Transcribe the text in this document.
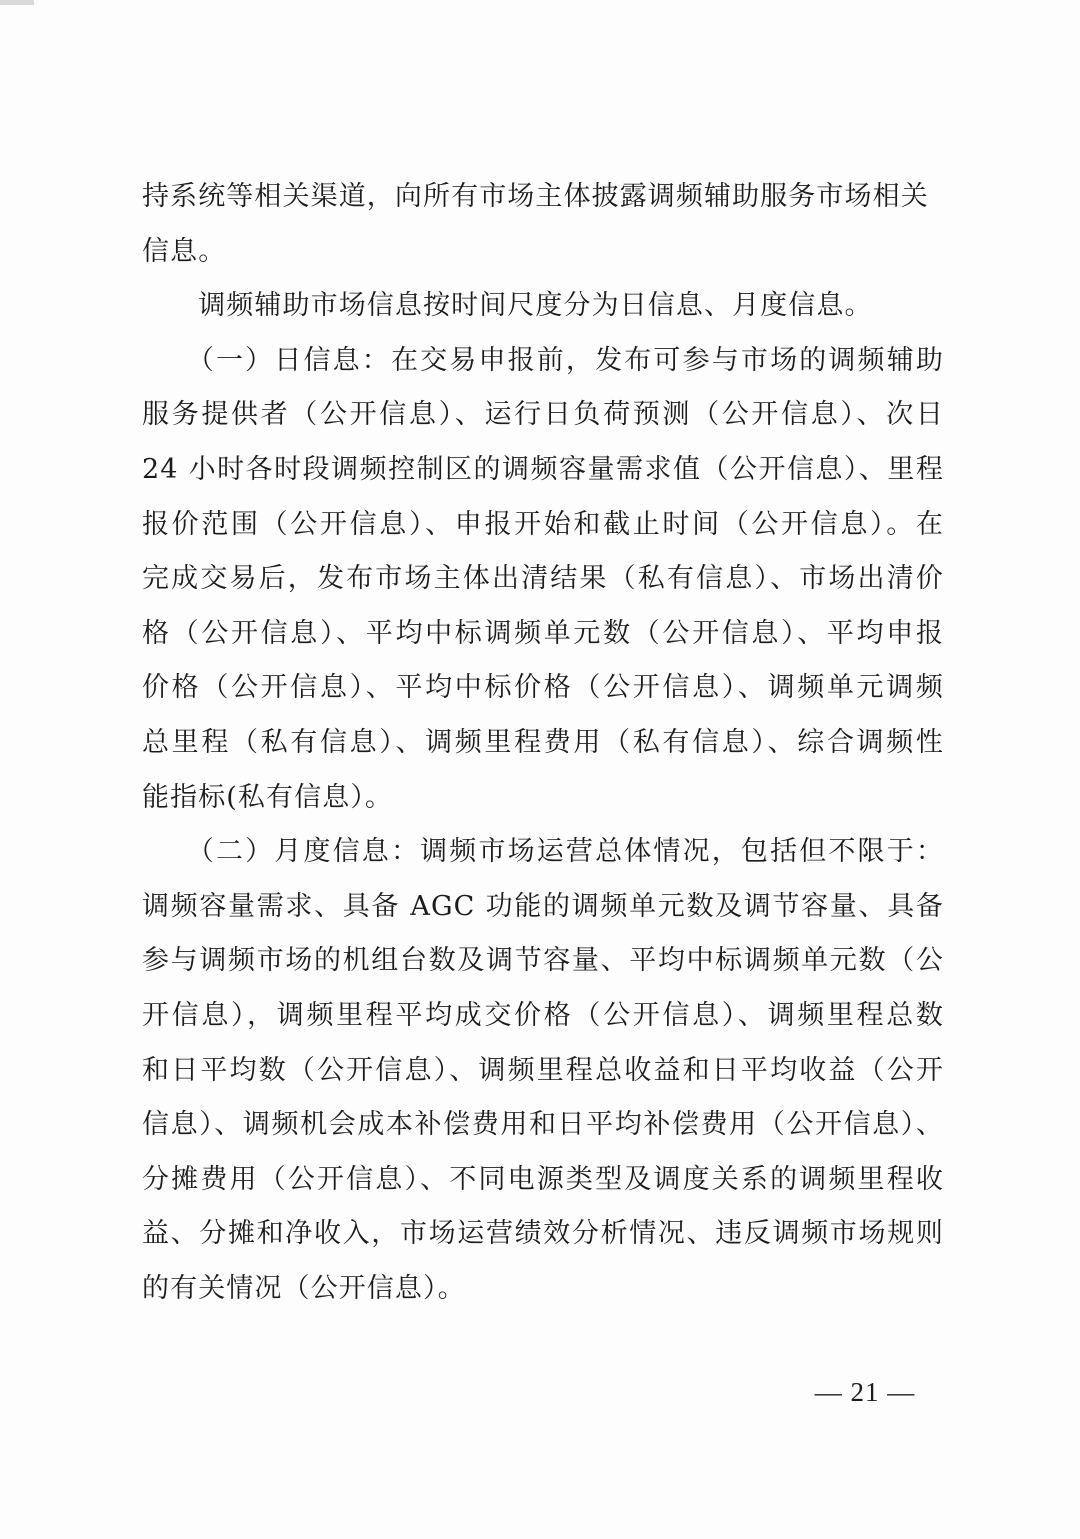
持系统等相关渠道，向所有市场主体披露调频辅助服务市场相关
信息。
　　调频辅助市场信息按时间尺度分为日信息、月度信息。
　　（一）日信息：在交易申报前，发布可参与市场的调频辅助
服务提供者（公开信息）、运行日负荷预测（公开信息）、次日
24 小时各时段调频控制区的调频容量需求值（公开信息）、里程
报价范围（公开信息）、申报开始和截止时间（公开信息）。在
完成交易后，发布市场主体出清结果（私有信息）、市场出清价
格（公开信息）、平均中标调频单元数（公开信息）、平均申报
价格（公开信息）、平均中标价格（公开信息）、调频单元调频
总里程（私有信息）、调频里程费用（私有信息）、综合调频性
能指标(私有信息）。
　　（二）月度信息：调频市场运营总体情况，包括但不限于：
调频容量需求、具备 AGC 功能的调频单元数及调节容量、具备
参与调频市场的机组台数及调节容量、平均中标调频单元数（公
开信息），调频里程平均成交价格（公开信息）、调频里程总数
和日平均数（公开信息）、调频里程总收益和日平均收益（公开
信息）、调频机会成本补偿费用和日平均补偿费用（公开信息）、
分摊费用（公开信息）、不同电源类型及调度关系的调频里程收
益、分摊和净收入，市场运营绩效分析情况、违反调频市场规则
的有关情况（公开信息）。
— 21 —
